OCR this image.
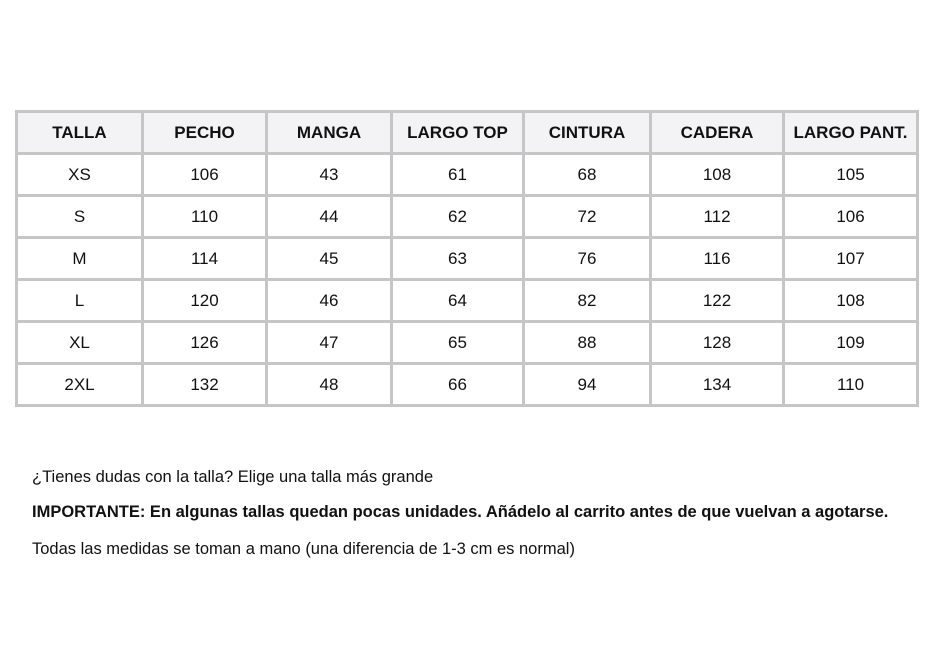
TALLA	PECHO	MANGA	LARGO TOP	CINTURA	CADERA	LARGO PANT.
XS	106	43	61	68	108	105
S	110	44	62	72	112	106
M	114	45	63	76	116	107
L	120	46	64	82	122	108
XL	126	47	65	88	128	109
2XL	132	48	66	94	134	110

¿Tienes dudas con la talla? Elige una talla más grande

IMPORTANTE: En algunas tallas quedan pocas unidades. Añádelo al carrito antes de que vuelvan a agotarse.

Todas las medidas se toman a mano (una diferencia de 1-3 cm es normal)
